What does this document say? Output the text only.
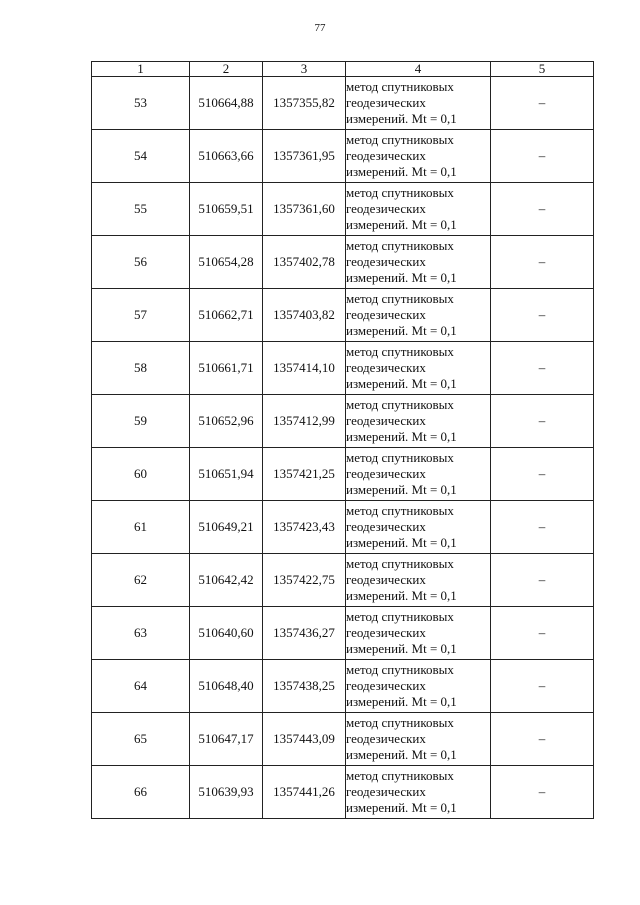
77
1	2	3	4	5
53	510664,88	1357355,82	метод спутниковых
геодезических
измерений. Mt = 0,1	–
54	510663,66	1357361,95	метод спутниковых
геодезических
измерений. Mt = 0,1	–
55	510659,51	1357361,60	метод спутниковых
геодезических
измерений. Mt = 0,1	–
56	510654,28	1357402,78	метод спутниковых
геодезических
измерений. Mt = 0,1	–
57	510662,71	1357403,82	метод спутниковых
геодезических
измерений. Mt = 0,1	–
58	510661,71	1357414,10	метод спутниковых
геодезических
измерений. Mt = 0,1	–
59	510652,96	1357412,99	метод спутниковых
геодезических
измерений. Mt = 0,1	–
60	510651,94	1357421,25	метод спутниковых
геодезических
измерений. Mt = 0,1	–
61	510649,21	1357423,43	метод спутниковых
геодезических
измерений. Mt = 0,1	–
62	510642,42	1357422,75	метод спутниковых
геодезических
измерений. Mt = 0,1	–
63	510640,60	1357436,27	метод спутниковых
геодезических
измерений. Mt = 0,1	–
64	510648,40	1357438,25	метод спутниковых
геодезических
измерений. Mt = 0,1	–
65	510647,17	1357443,09	метод спутниковых
геодезических
измерений. Mt = 0,1	–
66	510639,93	1357441,26	метод спутниковых
геодезических
измерений. Mt = 0,1	–
